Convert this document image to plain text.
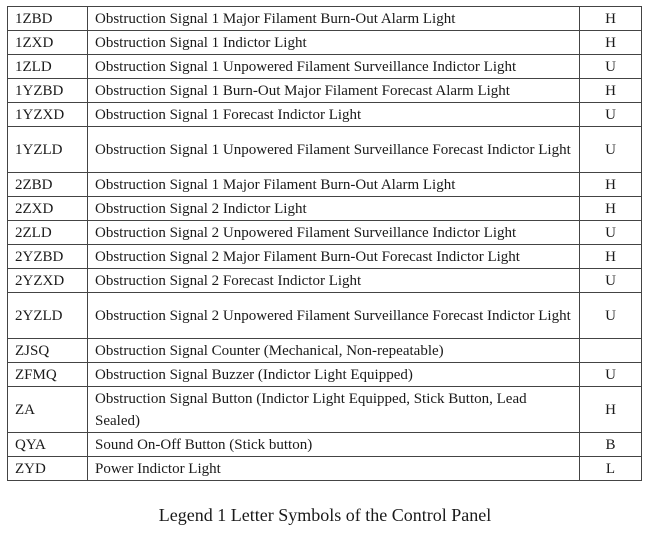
1ZBD	Obstruction Signal 1 Major Filament Burn-Out Alarm Light	H
1ZXD	Obstruction Signal 1 Indictor Light	H
1ZLD	Obstruction Signal 1 Unpowered Filament Surveillance Indictor Light	U
1YZBD	Obstruction Signal 1 Burn-Out Major Filament Forecast Alarm Light	H
1YZXD	Obstruction Signal 1 Forecast Indictor Light	U
1YZLD	Obstruction Signal 1 Unpowered Filament Surveillance Forecast Indictor Light	U
2ZBD	Obstruction Signal 1 Major Filament Burn-Out Alarm Light	H
2ZXD	Obstruction Signal 2 Indictor Light	H
2ZLD	Obstruction Signal 2 Unpowered Filament Surveillance Indictor Light	U
2YZBD	Obstruction Signal 2 Major Filament Burn-Out Forecast Indictor Light	H
2YZXD	Obstruction Signal 2 Forecast Indictor Light	U
2YZLD	Obstruction Signal 2 Unpowered Filament Surveillance Forecast Indictor Light	U
ZJSQ	Obstruction Signal Counter (Mechanical, Non-repeatable)	
ZFMQ	Obstruction Signal Buzzer (Indictor Light Equipped)	U
ZA	Obstruction Signal Button (Indictor Light Equipped, Stick Button, Lead Sealed)	H
QYA	Sound On-Off Button (Stick button)	B
ZYD	Power Indictor Light	L
Legend 1 Letter Symbols of the Control Panel
